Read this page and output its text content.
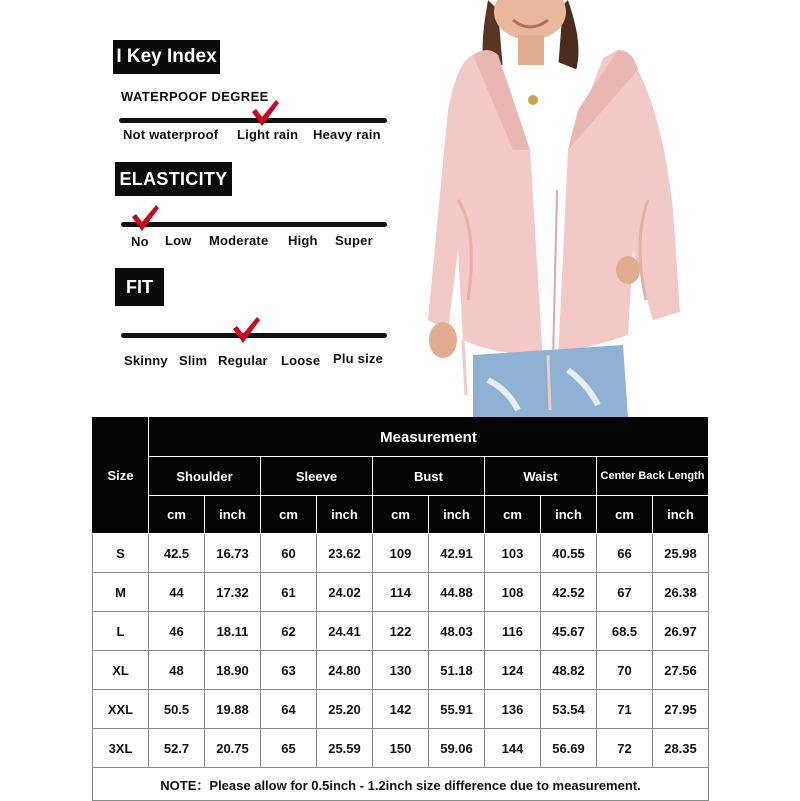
I Key Index
WATERPOOF DEGREE
Not waterproof Light rain Heavy rain
ELASTICITY
No Low Moderate High Super
FIT
Skinny Slim Regular Loose Plu size
Size	Measurement									
	Shoulder		Sleeve		Bust		Waist		Center Back Length	
	cm	inch	cm	inch	cm	inch	cm	inch	cm	inch
S	42.5	16.73	60	23.62	109	42.91	103	40.55	66	25.98
M	44	17.32	61	24.02	114	44.88	108	42.52	67	26.38
L	46	18.11	62	24.41	122	48.03	116	45.67	68.5	26.97
XL	48	18.90	63	24.80	130	51.18	124	48.82	70	27.56
XXL	50.5	19.88	64	25.20	142	55.91	136	53.54	71	27.95
3XL	52.7	20.75	65	25.59	150	59.06	144	56.69	72	28.35
NOTE：Please allow for 0.5inch - 1.2inch size difference due to measurement.										
